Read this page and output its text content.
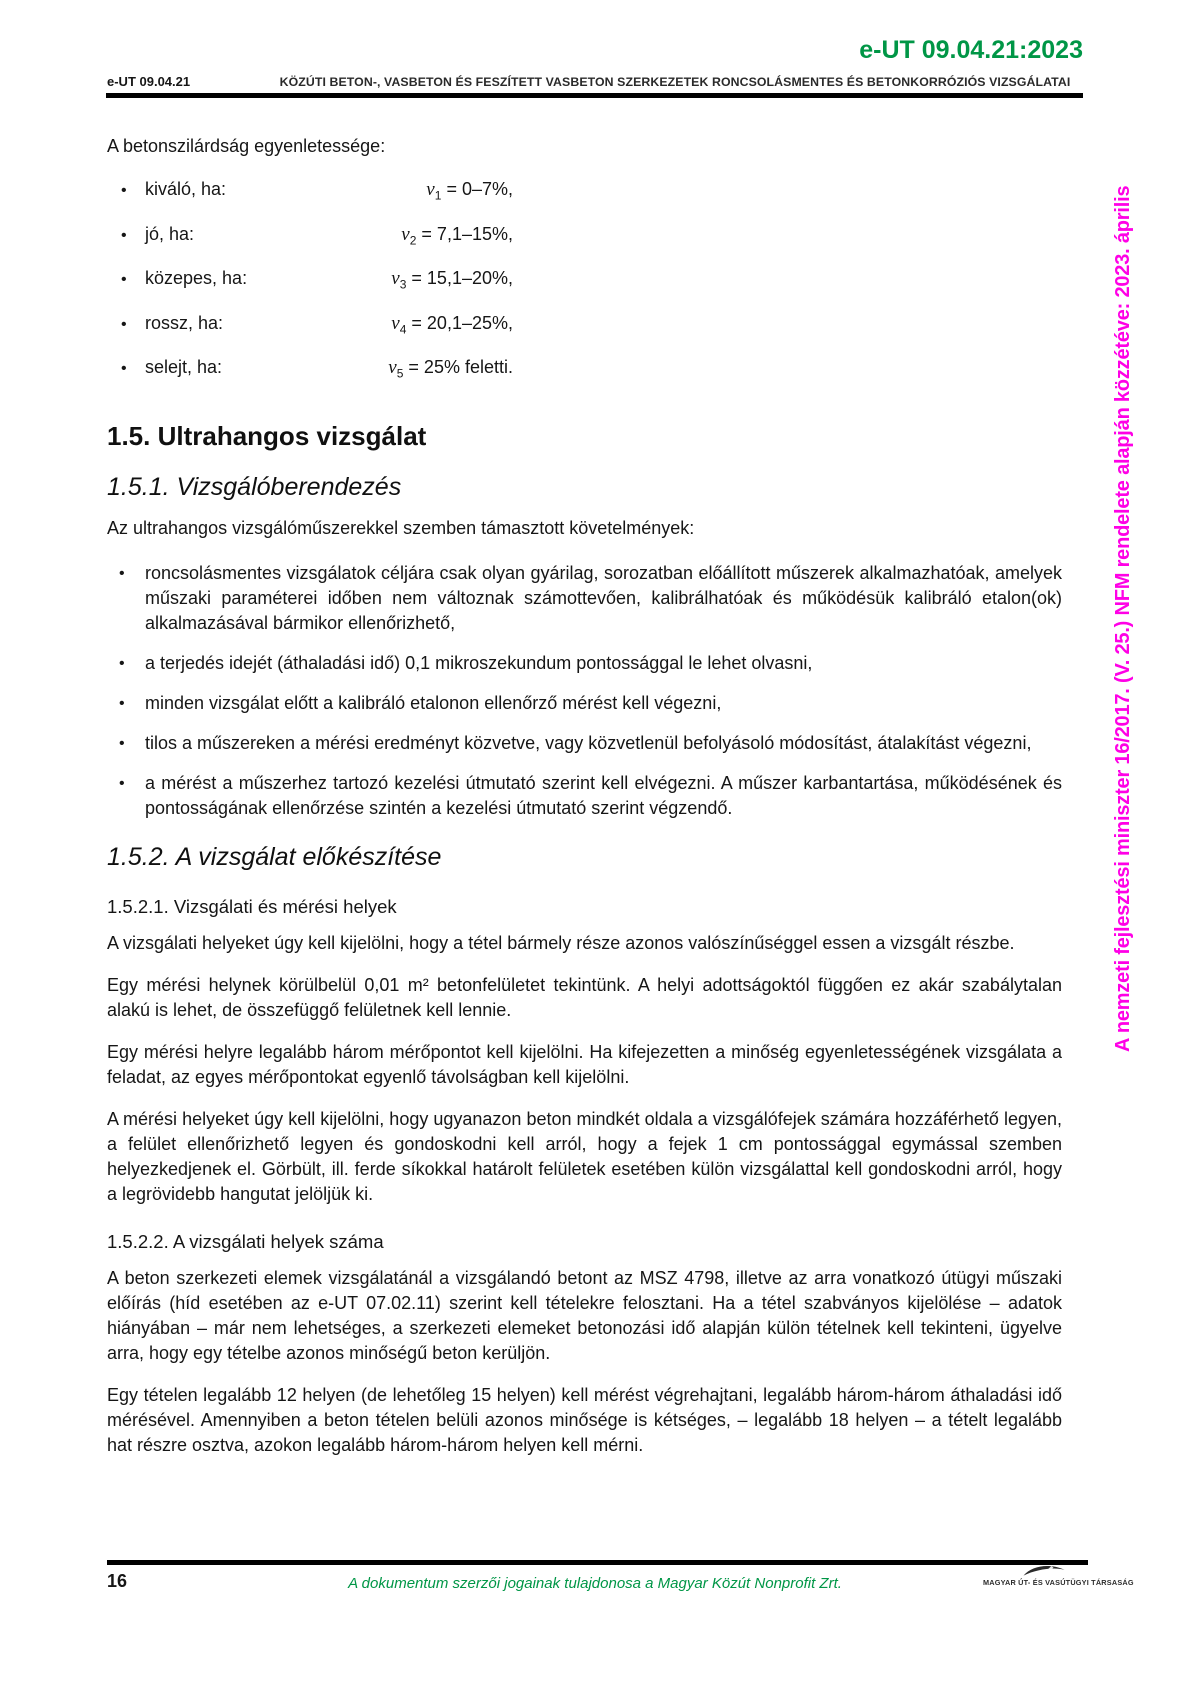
e-UT 09.04.21:2023
e-UT 09.04.21	KÖZÚTI BETON-, VASBETON ÉS FESZÍTETT VASBETON SZERKEZETEK RONCSOLÁSMENTES ÉS BETONKORRÓZIÓS VIZSGÁLATAI

A betonszilárdság egyenletessége:

•	kiváló, ha:	$v_1 = 0-7\%$,
•	jó, ha:	$v_2 = 7,1-15\%$,
•	közepes, ha:	$v_3 = 15,1-20\%$,
•	rossz, ha:	$v_4 = 20,1-25\%$,
•	selejt, ha:	$v_5 = 25\%$ feletti.
1.5. Ultrahangos vizsgálat
1.5.1. Vizsgálóberendezés

Az ultrahangos vizsgálóműszerekkel szemben támasztott követelmények:

•	roncsolásmentes vizsgálatok céljára csak olyan gyárilag, sorozatban előállított műszerek alkalmazhatóak, amelyek műszaki paraméterei időben nem változnak számottevően, kalibrálhatóak és működésük kalibráló etalon(ok) alkalmazásával bármikor ellenőrizhető,
•	a terjedés idejét (áthaladási idő) 0,1 mikroszekundum pontossággal le lehet olvasni,
•	minden vizsgálat előtt a kalibráló etalonon ellenőrző mérést kell végezni,
•	tilos a műszereken a mérési eredményt közvetve, vagy közvetlenül befolyásoló módosítást, átalakítást végezni,
•	a mérést a műszerhez tartozó kezelési útmutató szerint kell elvégezni. A műszer karbantartása, működésének és pontosságának ellenőrzése szintén a kezelési útmutató szerint végzendő.
1.5.2. A vizsgálat előkészítése
1.5.2.1. Vizsgálati és mérési helyek

A vizsgálati helyeket úgy kell kijelölni, hogy a tétel bármely része azonos valószínűséggel essen a vizsgált részbe.

Egy mérési helynek körülbelül 0,01 m² betonfelületet tekintünk. A helyi adottságoktól függően ez akár szabálytalan alakú is lehet, de összefüggő felületnek kell lennie.

Egy mérési helyre legalább három mérőpontot kell kijelölni. Ha kifejezetten a minőség egyenletességének vizsgálata a feladat, az egyes mérőpontokat egyenlő távolságban kell kijelölni.

A mérési helyeket úgy kell kijelölni, hogy ugyanazon beton mindkét oldala a vizsgálófejek számára hozzáférhető legyen, a felület ellenőrizhető legyen és gondoskodni kell arról, hogy a fejek 1 cm pontossággal egymással szemben helyezkedjenek el. Görbült, ill. ferde síkokkal határolt felületek esetében külön vizsgálattal kell gondoskodni arról, hogy a legrövidebb hangutat jelöljük ki.

1.5.2.2. A vizsgálati helyek száma

A beton szerkezeti elemek vizsgálatánál a vizsgálandó betont az MSZ 4798, illetve az arra vonatkozó útügyi műszaki előírás (híd esetében az e-UT 07.02.11) szerint kell tételekre felosztani. Ha a tétel szabványos kijelölése – adatok hiányában – már nem lehetséges, a szerkezeti elemeket betonozási idő alapján külön tételnek kell tekinteni, ügyelve arra, hogy egy tételbe azonos minőségű beton kerüljön.

Egy tételen legalább 12 helyen (de lehetőleg 15 helyen) kell mérést végrehajtani, legalább három-három áthaladási idő mérésével. Amennyiben a beton tételen belüli azonos minősége is kétséges, – legalább 18 helyen – a tételt legalább hat részre osztva, azokon legalább három-három helyen kell mérni.

A nemzeti fejlesztési miniszter 16/2017. (V. 25.) NFM rendelete alapján közzétéve: 2023. április
16	A dokumentum szerzői jogainak tulajdonosa a Magyar Közút Nonprofit Zrt.	MAGYAR ÚT- ÉS VASÚTÜGYI TÁRSASÁG
